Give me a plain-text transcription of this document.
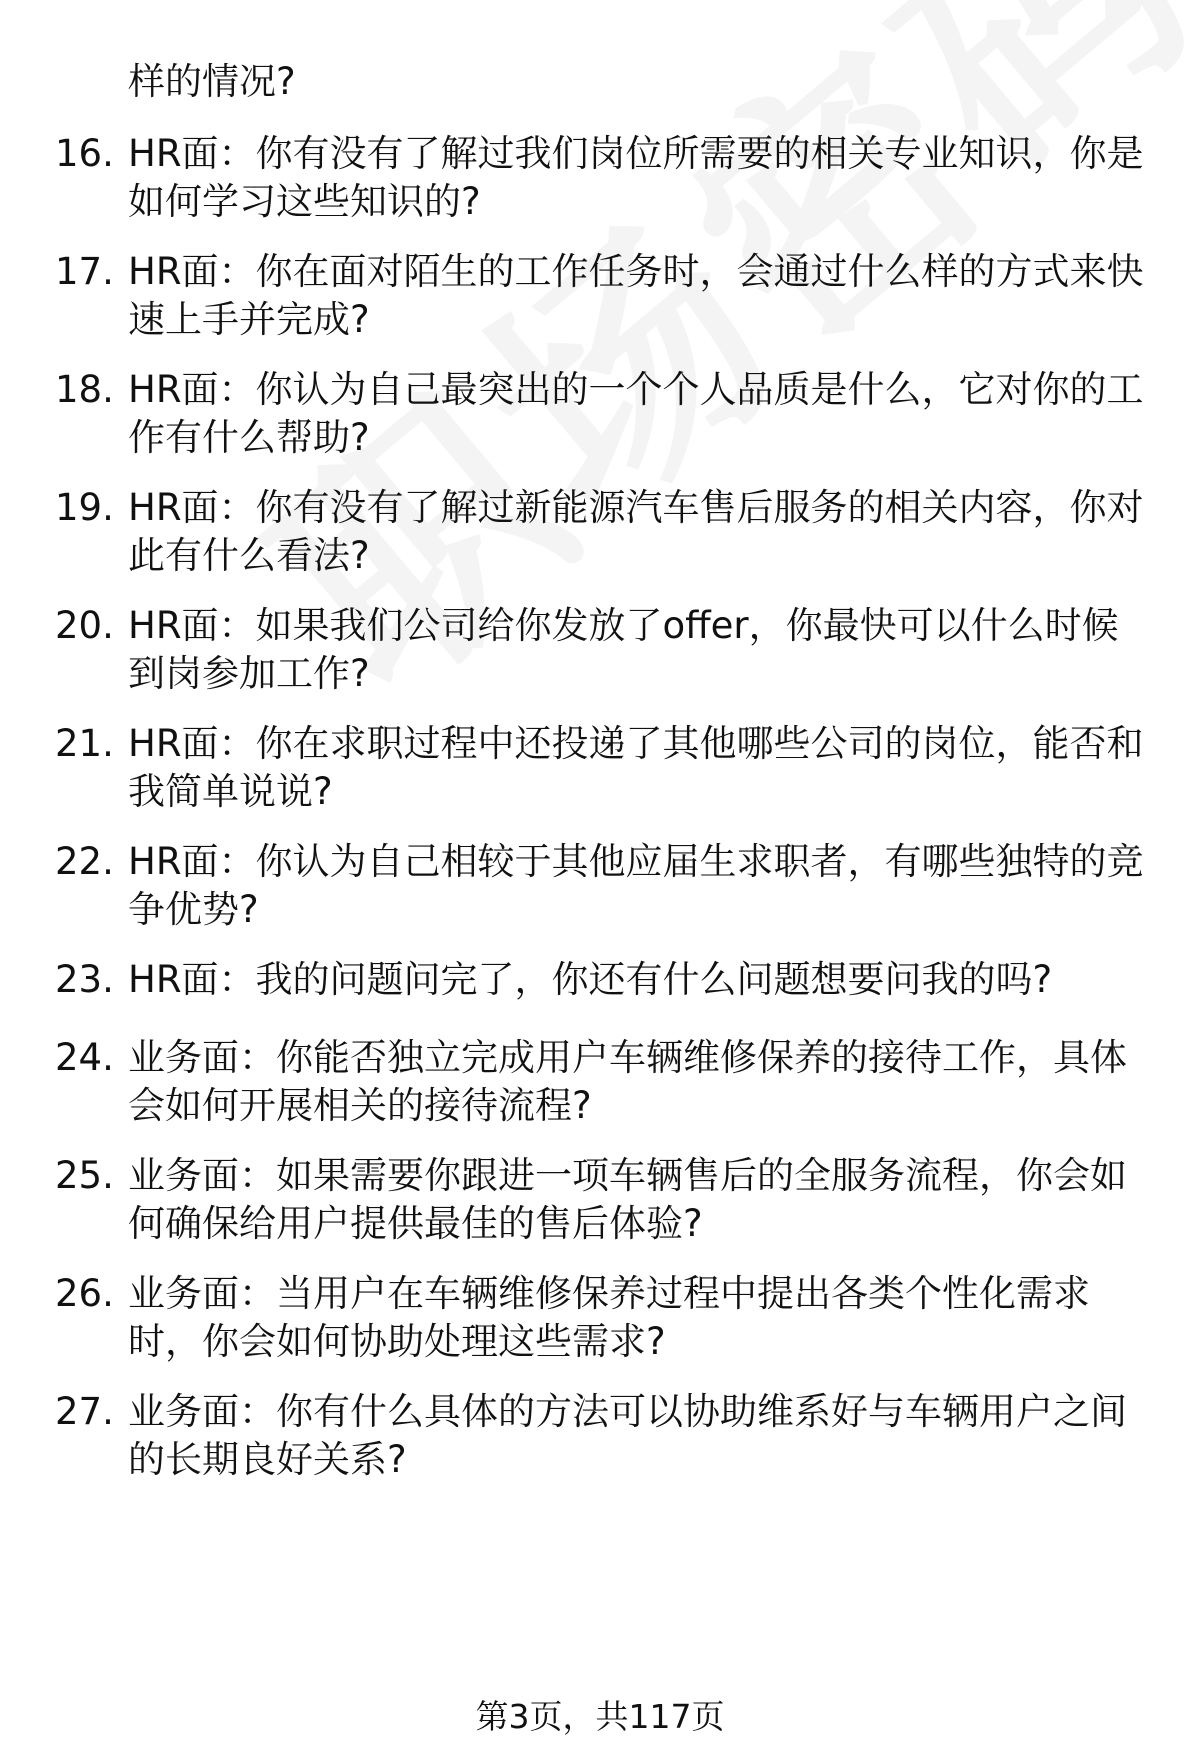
样的情况?
16. HR面：你有没有了解过我们岗位所需要的相关专业知识，你是如何学习这些知识的?
17. HR面：你在面对陌生的工作任务时，会通过什么样的方式来快速上手并完成?
18. HR面：你认为自己最突出的一个个人品质是什么，它对你的工作有什么帮助?
19. HR面：你有没有了解过新能源汽车售后服务的相关内容，你对此有什么看法?
20. HR面：如果我们公司给你发放了offer，你最快可以什么时候到岗参加工作?
21. HR面：你在求职过程中还投递了其他哪些公司的岗位，能否和我简单说说?
22. HR面：你认为自己相较于其他应届生求职者，有哪些独特的竞争优势?
23. HR面：我的问题问完了，你还有什么问题想要问我的吗?
24. 业务面：你能否独立完成用户车辆维修保养的接待工作，具体会如何开展相关的接待流程?
25. 业务面：如果需要你跟进一项车辆售后的全服务流程，你会如何确保给用户提供最佳的售后体验?
26. 业务面：当用户在车辆维修保养过程中提出各类个性化需求时，你会如何协助处理这些需求?
27. 业务面：你有什么具体的方法可以协助维系好与车辆用户之间的长期良好关系?
第3页，共117页
